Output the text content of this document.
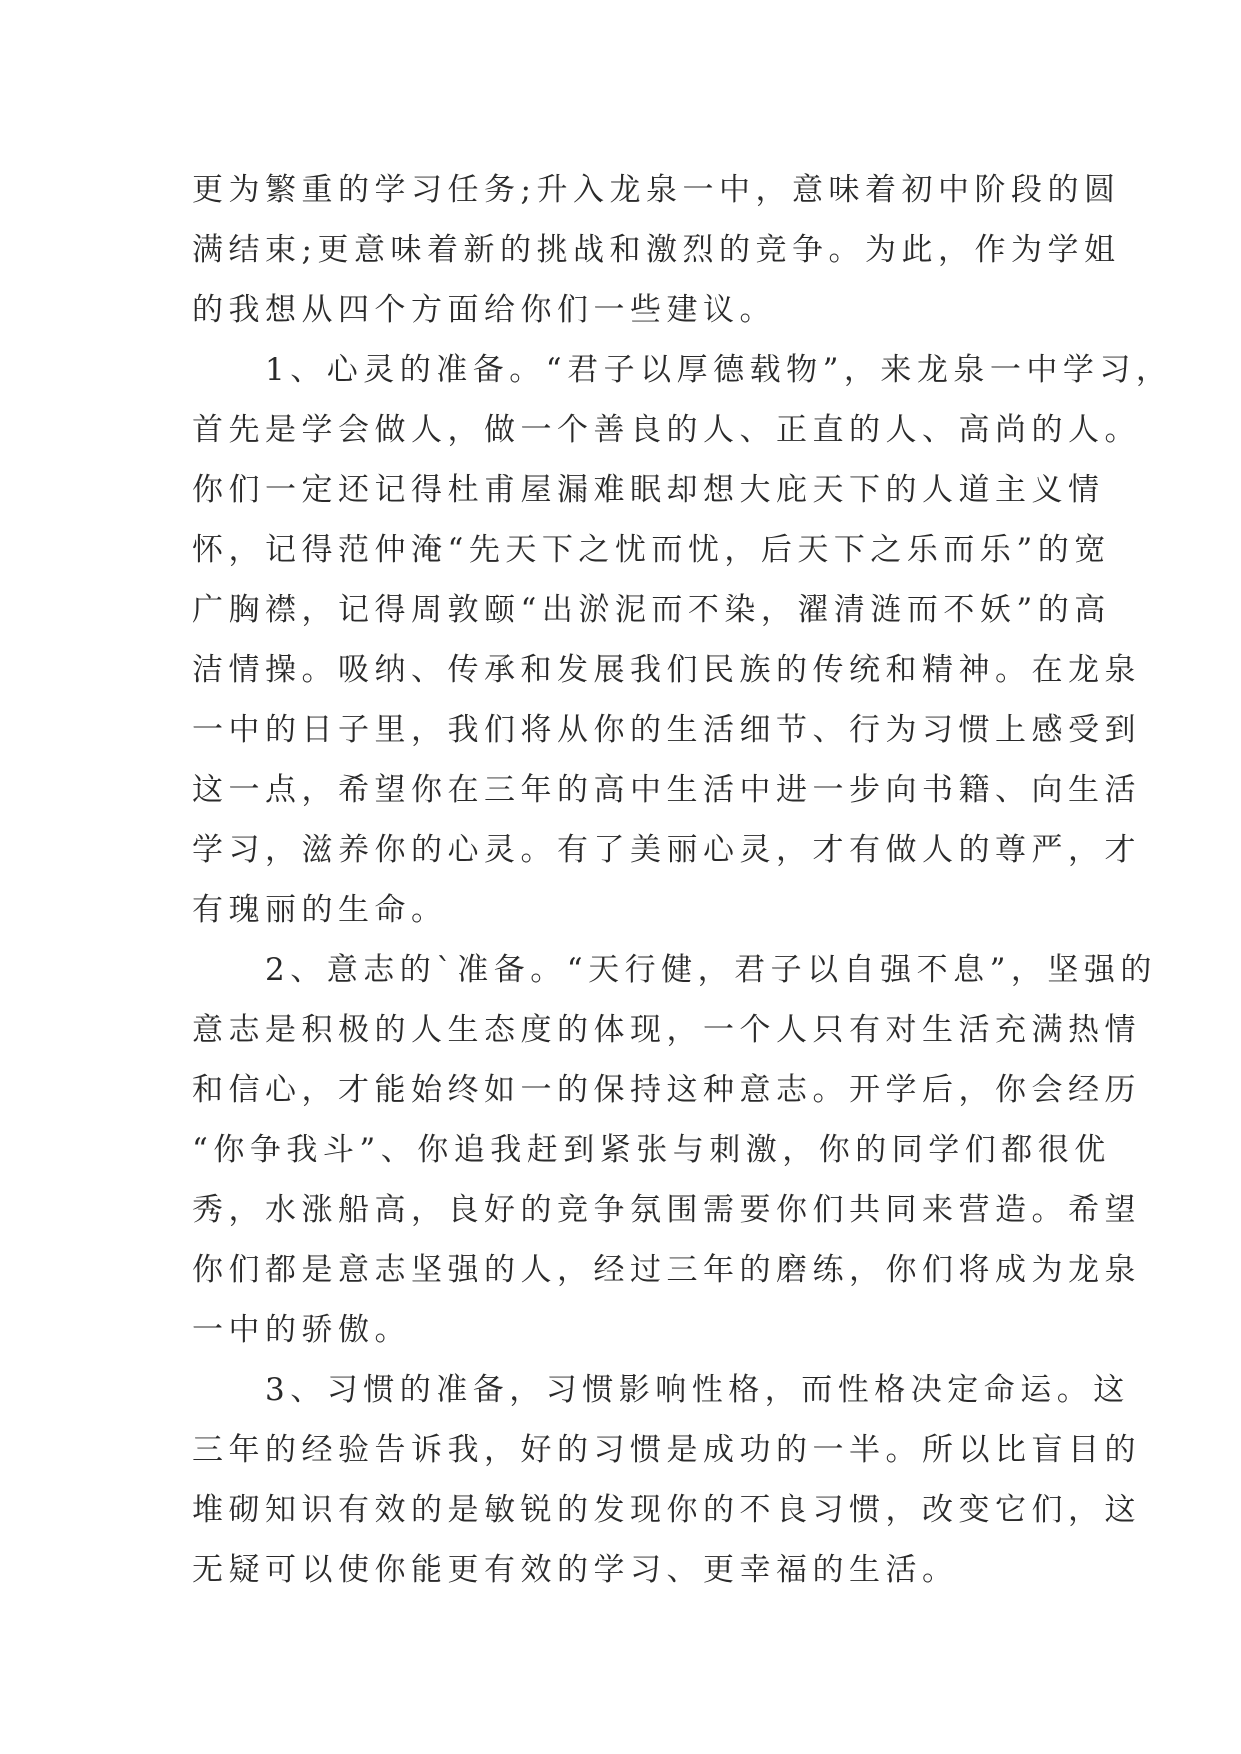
更为繁重的学习任务;升入龙泉一中，意味着初中阶段的圆
满结束;更意味着新的挑战和激烈的竞争。为此，作为学姐
的我想从四个方面给你们一些建议。
　　1、心灵的准备。“君子以厚德载物”，来龙泉一中学习，
首先是学会做人，做一个善良的人、正直的人、高尚的人。
你们一定还记得杜甫屋漏难眠却想大庇天下的人道主义情
怀，记得范仲淹“先天下之忧而忧，后天下之乐而乐”的宽
广胸襟，记得周敦颐“出淤泥而不染，濯清涟而不妖”的高
洁情操。吸纳、传承和发展我们民族的传统和精神。在龙泉
一中的日子里，我们将从你的生活细节、行为习惯上感受到
这一点，希望你在三年的高中生活中进一步向书籍、向生活
学习，滋养你的心灵。有了美丽心灵，才有做人的尊严，才
有瑰丽的生命。
　　2、意志的`准备。“天行健，君子以自强不息”，坚强的
意志是积极的人生态度的体现，一个人只有对生活充满热情
和信心，才能始终如一的保持这种意志。开学后，你会经历
“你争我斗”、你追我赶到紧张与刺激，你的同学们都很优
秀，水涨船高，良好的竞争氛围需要你们共同来营造。希望
你们都是意志坚强的人，经过三年的磨练，你们将成为龙泉
一中的骄傲。
　　3、习惯的准备，习惯影响性格，而性格决定命运。这
三年的经验告诉我，好的习惯是成功的一半。所以比盲目的
堆砌知识有效的是敏锐的发现你的不良习惯，改变它们，这
无疑可以使你能更有效的学习、更幸福的生活。
